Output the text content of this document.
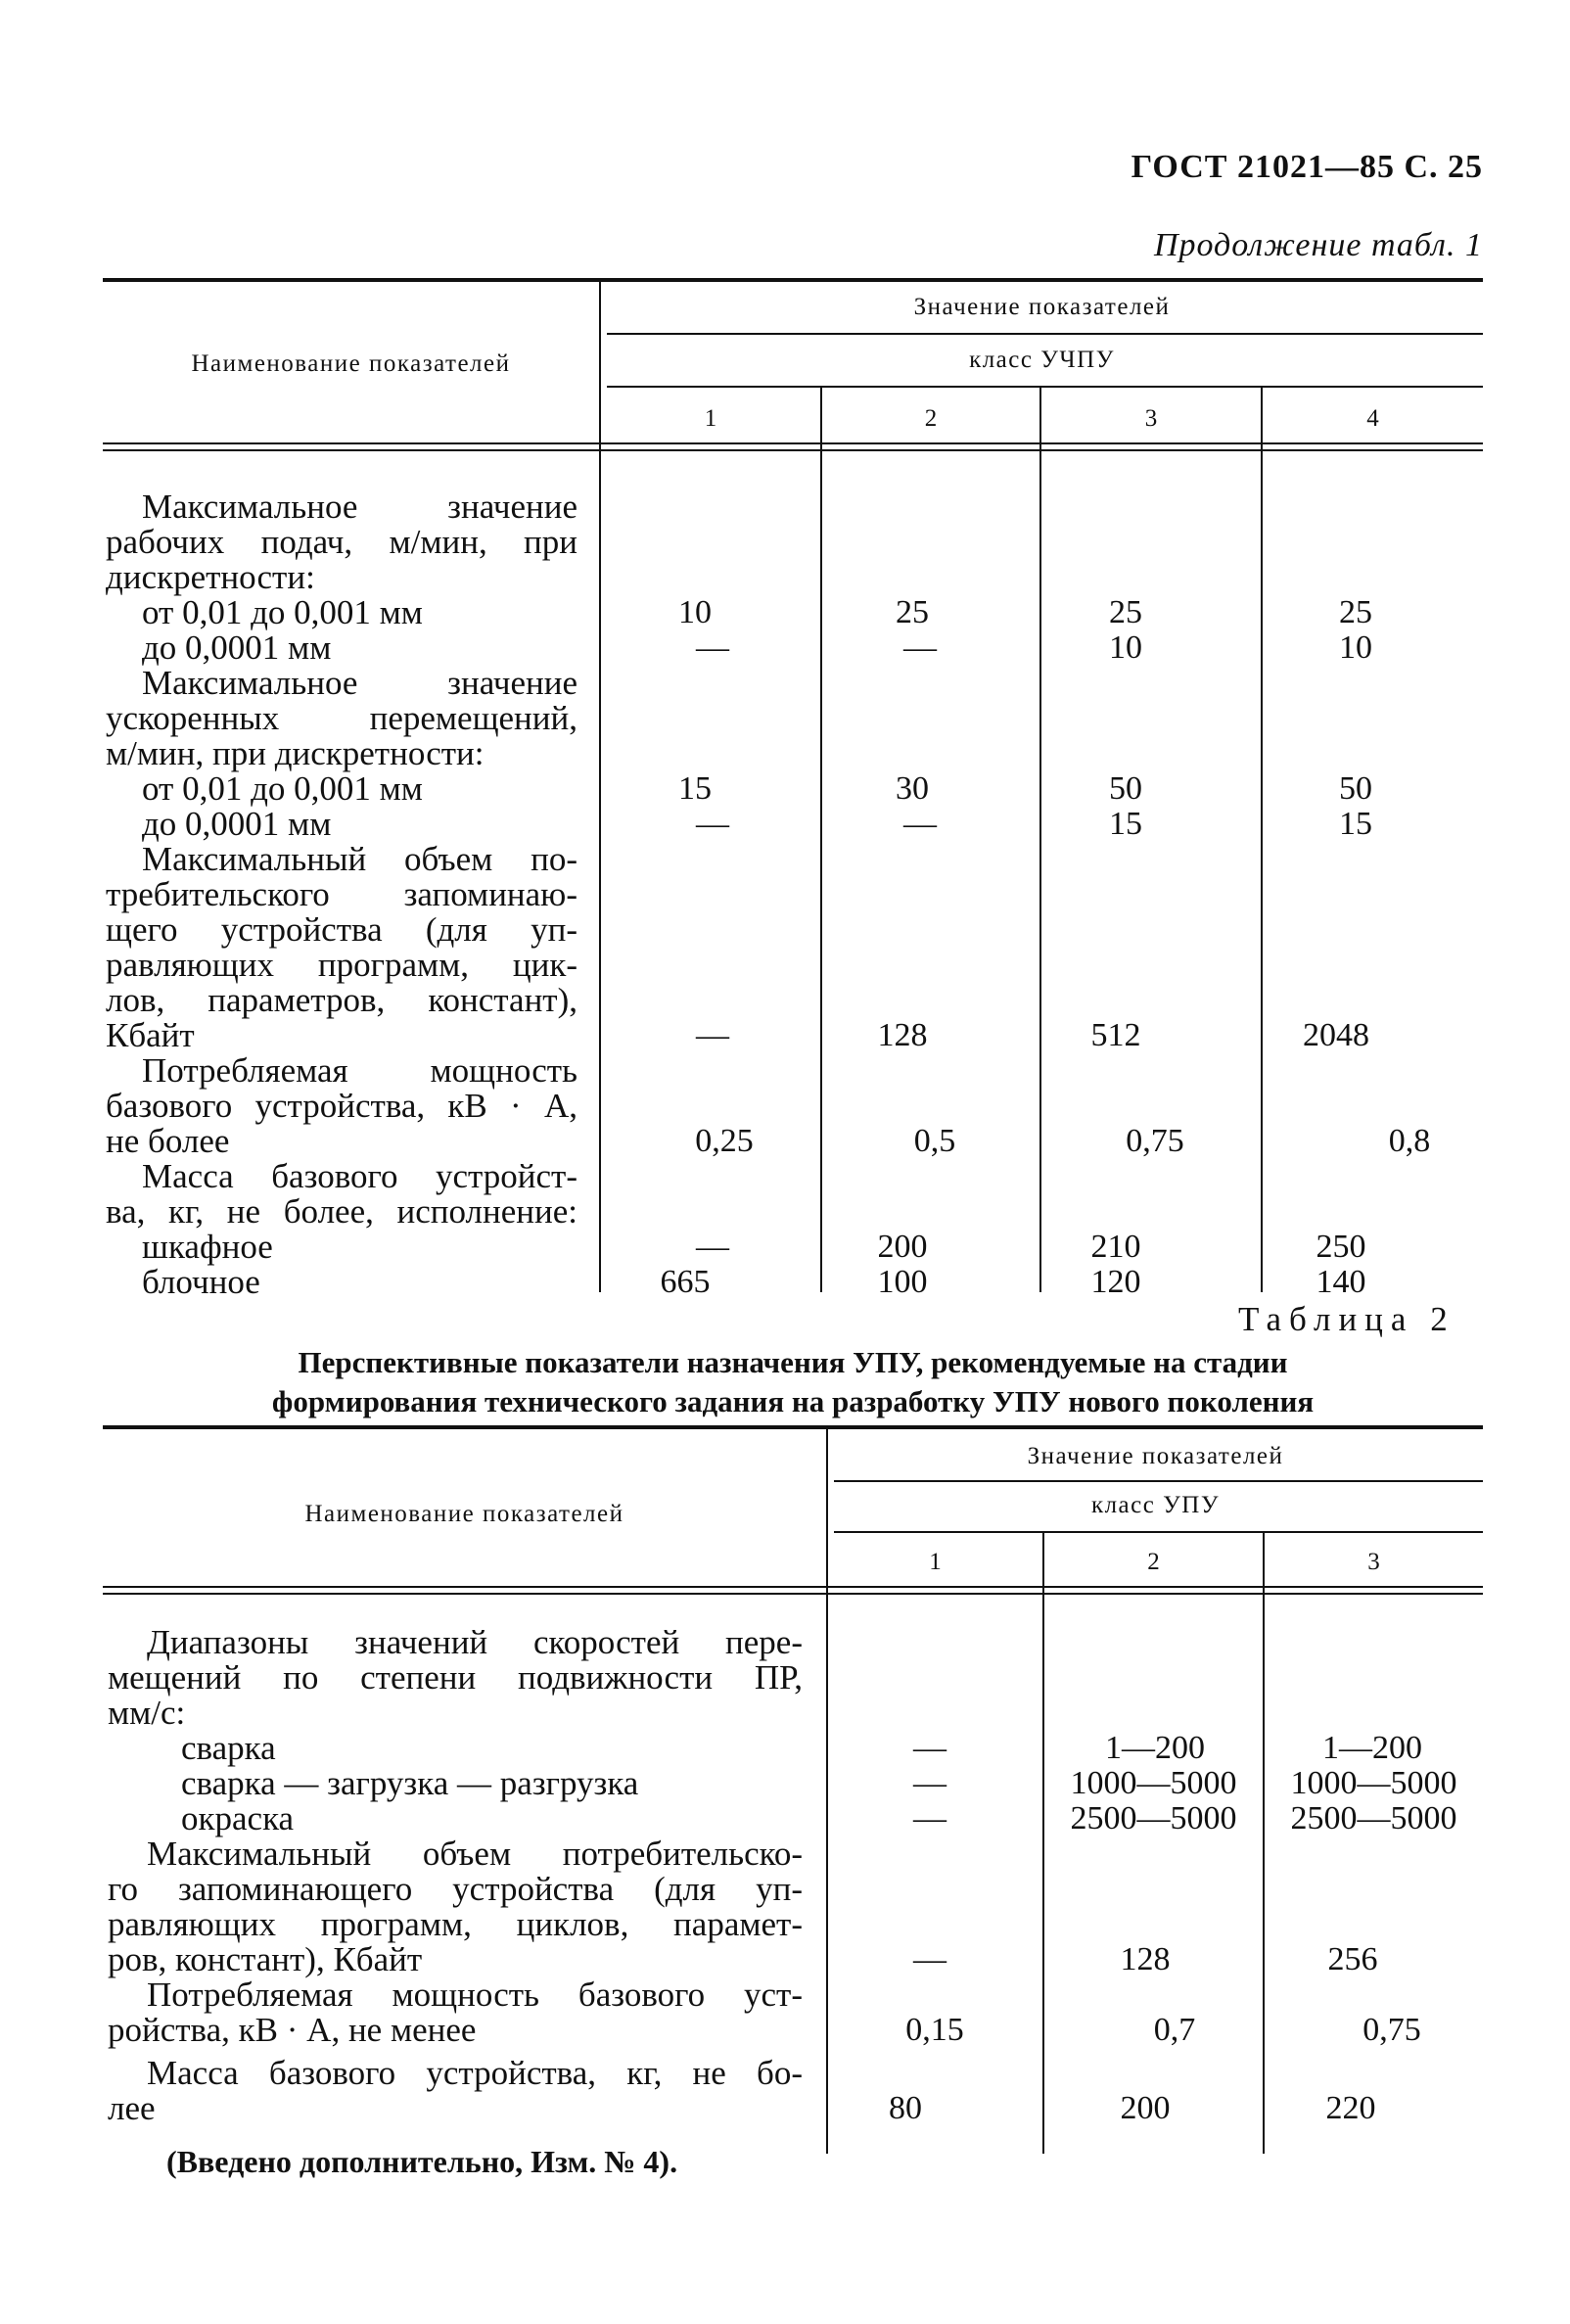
ГОСТ 21021—85 С. 25
Продолжение табл. 1
Наименование показателей
Значение показателей
класс УЧПУ
1	2	3	4
Максимальное значение
рабочих подач, м/мин, при
дискретности:
от 0,01 до 0,001 мм	10	25	25	25
до 0,0001 мм	—	—	10	10
Максимальное значение
ускоренных перемещений,
м/мин, при дискретности:
от 0,01 до 0,001 мм	15	30	50	50
до 0,0001 мм	—	—	15	15
Максимальный объем по-
требительского запоминаю-
щего устройства (для уп-
равляющих программ, цик-
лов, параметров, констант),
Кбайт	—	128	512	2048
Потребляемая мощность
базового устройства, кВ · А,
не более	0,25	0,5	0,75	0,8
Масса базового устройст-
ва, кг, не более, исполнение:
шкафное	—	200	210	250
блочное	665	100	120	140
Таблица 2
Перспективные показатели назначения УПУ, рекомендуемые на стадии
формирования технического задания на разработку УПУ нового поколения
Наименование показателей
Значение показателей
класс УПУ
1	2	3
Диапазоны значений скоростей пере-
мещений по степени подвижности ПР,
мм/с:
сварка	—	1—200	1—200
сварка — загрузка — разгрузка	—	1000—5000	1000—5000
окраска	—	2500—5000	2500—5000
Максимальный объем потребительско-
го запоминающего устройства (для уп-
равляющих программ, циклов, парамет-
ров, констант), Кбайт	—	128	256
Потребляемая мощность базового уст-
ройства, кВ · А, не менее	0,15	0,7	0,75
Масса базового устройства, кг, не бо-
лее	80	200	220
(Введено дополнительно, Изм. № 4).
